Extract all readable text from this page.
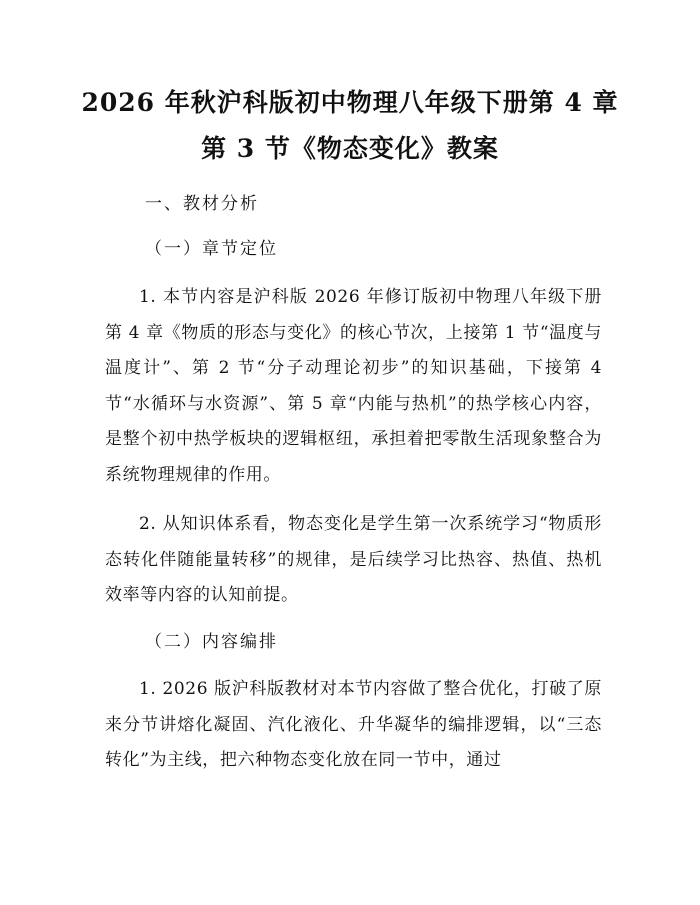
2026 年秋沪科版初中物理八年级下册第 4 章
第 3 节《物态变化》教案

一、教材分析

（一）章节定位

1. 本节内容是沪科版 2026 年修订版初中物理八年级下册第 4 章《物质的形态与变化》的核心节次，上接第 1 节“温度与温度计”、第 2 节“分子动理论初步”的知识基础，下接第 4 节“水循环与水资源”、第 5 章“内能与热机”的热学核心内容，是整个初中热学板块的逻辑枢纽，承担着把零散生活现象整合为系统物理规律的作用。

2. 从知识体系看，物态变化是学生第一次系统学习“物质形态转化伴随能量转移”的规律，是后续学习比热容、热值、热机效率等内容的认知前提。

（二）内容编排

1. 2026 版沪科版教材对本节内容做了整合优化，打破了原来分节讲熔化凝固、汽化液化、升华凝华的编排逻辑，以“三态转化”为主线，把六种物态变化放在同一节中，通过
